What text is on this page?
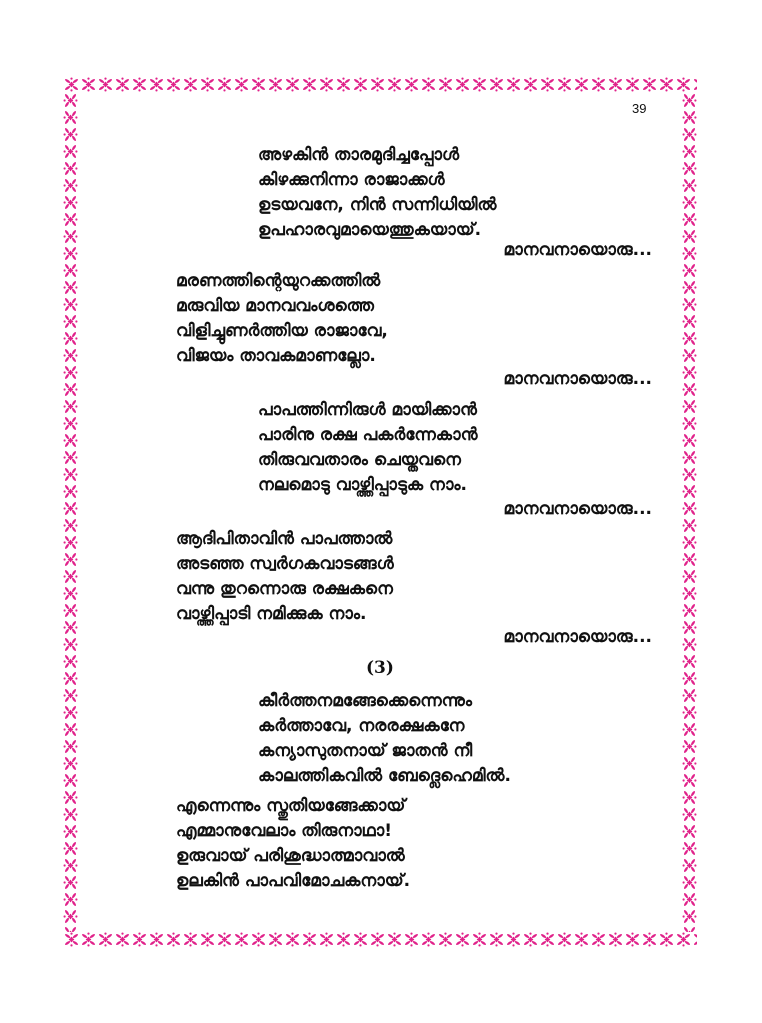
39
അഴകിൻ താരമുദിച്ചപ്പോൾ
കിഴക്കുനിന്നാ രാജാക്കൾ
ഉടയവനേ, നിൻ സന്നിധിയിൽ
ഉപഹാരവുമായെത്തുകയായ്.
മാനവനായൊരു...
മരണത്തിന്റെയുറക്കത്തിൽ
മരുവിയ മാനവവംശത്തെ
വിളിച്ചുണർത്തിയ രാജാവേ,
വിജയം താവകമാണല്ലോ.
മാനവനായൊരു...
പാപത്തിന്നിരുൾ മായിക്കാൻ
പാരിനു രക്ഷ പകർന്നേകാൻ
തിരുവവതാരം ചെയ്തവനെ
നലമൊടു വാഴ്ത്തിപ്പാടുക നാം.
മാനവനായൊരു...
ആദിപിതാവിൻ പാപത്താൽ
അടഞ്ഞ സ്വർഗകവാടങ്ങൾ
വന്നു തുറന്നൊരു രക്ഷകനെ
വാഴ്ത്തിപ്പാടി നമിക്കുക നാം.
മാനവനായൊരു...
(3)
കീർത്തനമങ്ങേക്കെന്നെന്നും
കർത്താവേ, നരരക്ഷകനേ
കന്യാസുതനായ് ജാതൻ നീ
കാലത്തികവിൽ ബേദ്ലെഹെമിൽ.
എന്നെന്നും സ്തുതിയങ്ങേക്കായ്
എമ്മാനുവേലാം തിരുനാഥാ!
ഉരുവായ് പരിശുദ്ധാത്മാവാൽ
ഉലകിൻ പാപവിമോചകനായ്.
